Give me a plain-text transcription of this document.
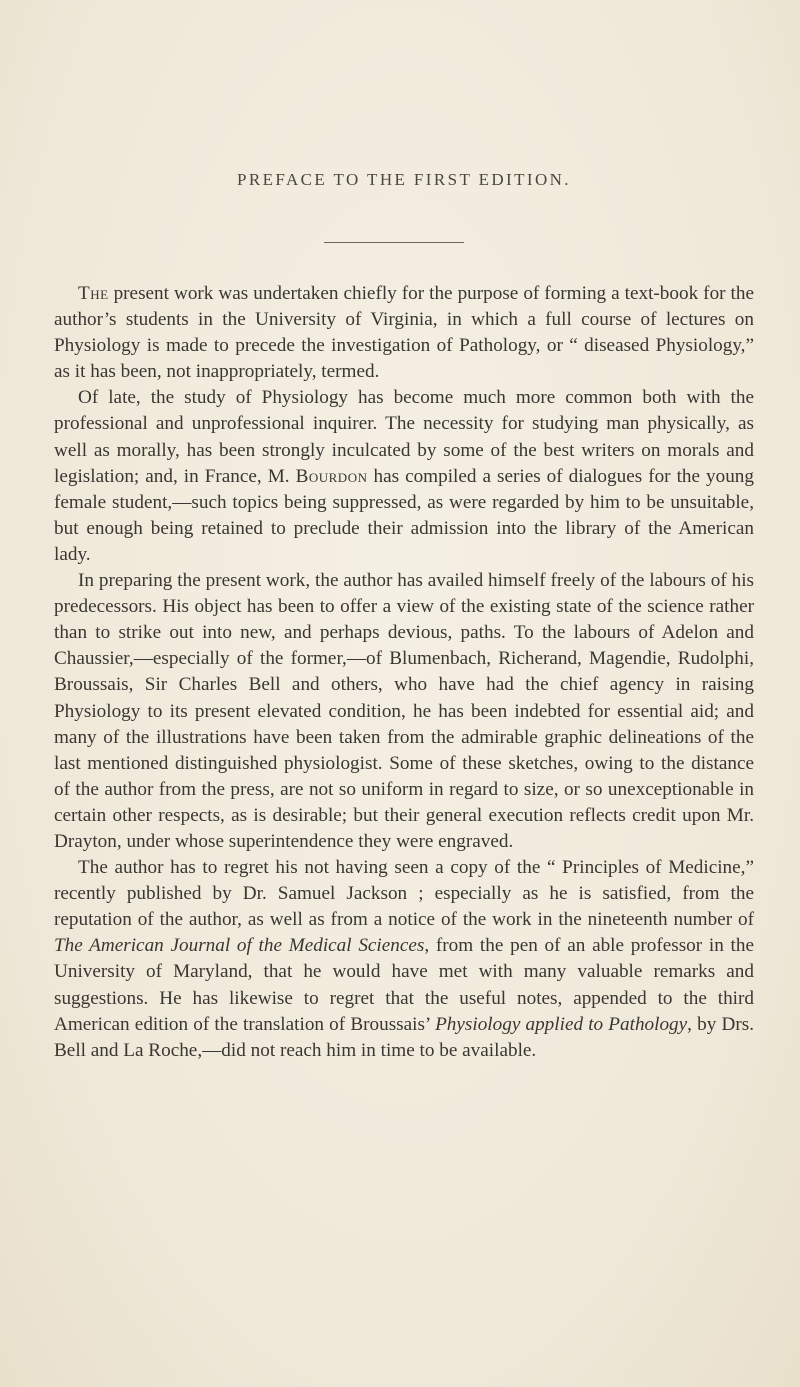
PREFACE TO THE FIRST EDITION.

The present work was undertaken chiefly for the purpose of forming a text-book for the author’s students in the University of Virginia, in which a full course of lectures on Physiology is made to precede the investigation of Pathology, or “ diseased Physiology,” as it has been, not inappropriately, termed.

Of late, the study of Physiology has become much more common both with the professional and unprofessional inquirer. The necessity for studying man physically, as well as morally, has been strongly inculcated by some of the best writers on morals and legislation; and, in France, M. Bourdon has compiled a series of dialogues for the young female student,—such topics being suppressed, as were regarded by him to be unsuitable, but enough being retained to preclude their admission into the library of the American lady.

In preparing the present work, the author has availed himself freely of the labours of his predecessors. His object has been to offer a view of the existing state of the science rather than to strike out into new, and perhaps devious, paths. To the labours of Adelon and Chaussier,—especially of the former,—of Blumenbach, Richerand, Magendie, Rudolphi, Broussais, Sir Charles Bell and others, who have had the chief agency in raising Physiology to its present elevated condition, he has been indebted for essential aid; and many of the illustrations have been taken from the admirable graphic delineations of the last mentioned distinguished physiologist. Some of these sketches, owing to the distance of the author from the press, are not so uniform in regard to size, or so unexceptionable in certain other respects, as is desirable; but their general execution reflects credit upon Mr. Drayton, under whose superintendence they were engraved.

The author has to regret his not having seen a copy of the “ Principles of Medicine,” recently published by Dr. Samuel Jackson ; especially as he is satisfied, from the reputation of the author, as well as from a notice of the work in the nineteenth number of The American Journal of the Medical Sciences, from the pen of an able professor in the University of Maryland, that he would have met with many valuable remarks and suggestions. He has likewise to regret that the useful notes, appended to the third American edition of the translation of Broussais’ Physiology applied to Pathology, by Drs. Bell and La Roche,—did not reach him in time to be available.
